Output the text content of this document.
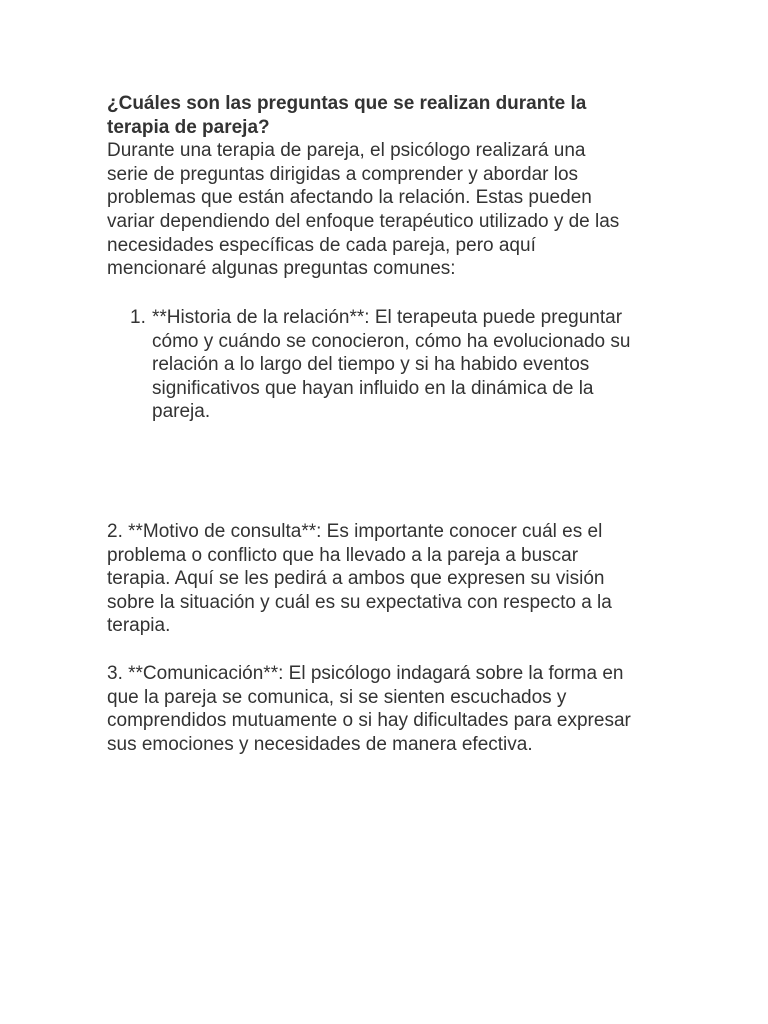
¿Cuáles son las preguntas que se realizan durante la
terapia de pareja?
Durante una terapia de pareja, el psicólogo realizará una
serie de preguntas dirigidas a comprender y abordar los
problemas que están afectando la relación. Estas pueden
variar dependiendo del enfoque terapéutico utilizado y de las
necesidades específicas de cada pareja, pero aquí
mencionaré algunas preguntas comunes:
1. **Historia de la relación**: El terapeuta puede preguntar
cómo y cuándo se conocieron, cómo ha evolucionado su
relación a lo largo del tiempo y si ha habido eventos
significativos que hayan influido en la dinámica de la
pareja.
2. **Motivo de consulta**: Es importante conocer cuál es el
problema o conflicto que ha llevado a la pareja a buscar
terapia. Aquí se les pedirá a ambos que expresen su visión
sobre la situación y cuál es su expectativa con respecto a la
terapia.
3. **Comunicación**: El psicólogo indagará sobre la forma en
que la pareja se comunica, si se sienten escuchados y
comprendidos mutuamente o si hay dificultades para expresar
sus emociones y necesidades de manera efectiva.
